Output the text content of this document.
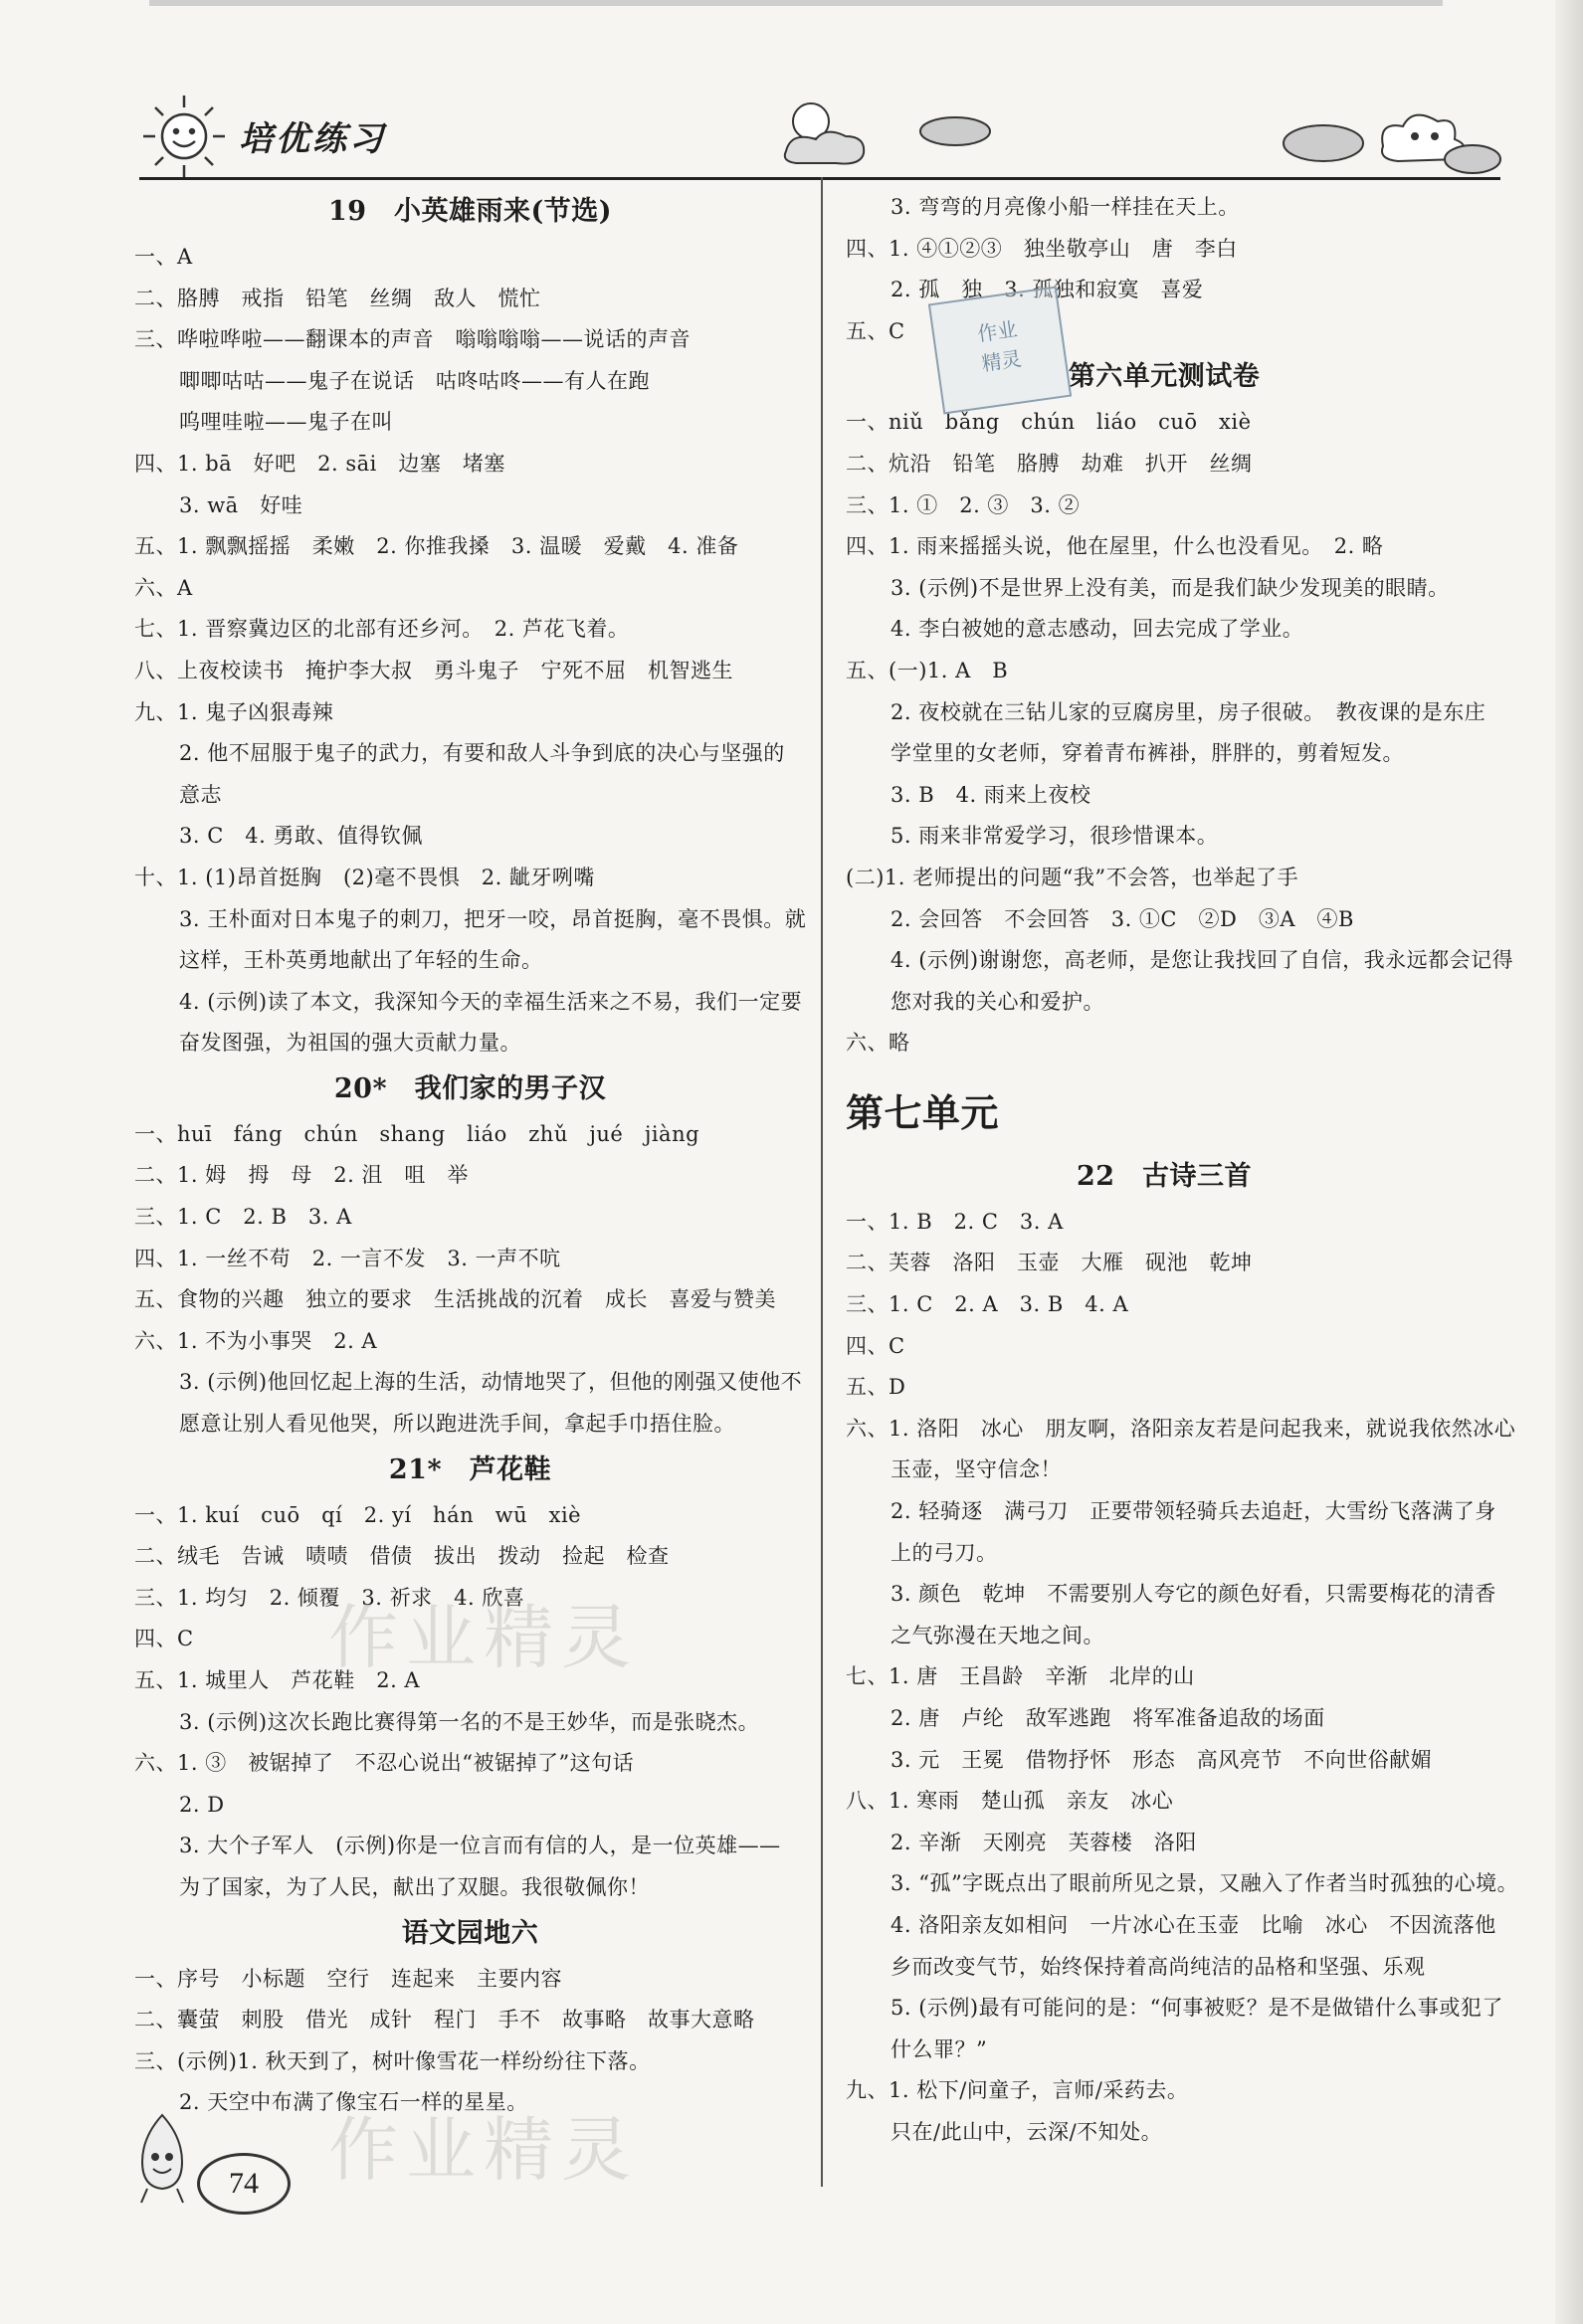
培优练习
19　小英雄雨来(节选)
一、A
二、胳膊　戒指　铅笔　丝绸　敌人　慌忙
三、哗啦哗啦——翻课本的声音　嗡嗡嗡嗡——说话的声音
唧唧咕咕——鬼子在说话　咕咚咕咚——有人在跑
呜哩哇啦——鬼子在叫
四、1. bā　好吧　2. sāi　边塞　堵塞
3. wā　好哇
五、1. 飘飘摇摇　柔嫩　2. 你推我搡　3. 温暖　爱戴　4. 准备
六、A
七、1. 晋察冀边区的北部有还乡河。　2. 芦花飞着。
八、上夜校读书　掩护李大叔　勇斗鬼子　宁死不屈　机智逃生
九、1. 鬼子凶狠毒辣
2. 他不屈服于鬼子的武力，有要和敌人斗争到底的决心与坚强的
意志
3. C　4. 勇敢、值得钦佩
十、1. (1)昂首挺胸　(2)毫不畏惧　2. 龇牙咧嘴
3. 王朴面对日本鬼子的刺刀，把牙一咬，昂首挺胸，毫不畏惧。就
这样，王朴英勇地献出了年轻的生命。
4. (示例)读了本文，我深知今天的幸福生活来之不易，我们一定要
奋发图强，为祖国的强大贡献力量。
20*　我们家的男子汉
一、huī　fáng　chún　shang　liáo　zhǔ　jué　jiàng
二、1. 姆　拇　母　2. 沮　咀　举
三、1. C　2. B　3. A
四、1. 一丝不苟　2. 一言不发　3. 一声不吭
五、食物的兴趣　独立的要求　生活挑战的沉着　成长　喜爱与赞美
六、1. 不为小事哭　2. A
3. (示例)他回忆起上海的生活，动情地哭了，但他的刚强又使他不
愿意让别人看见他哭，所以跑进洗手间，拿起手巾捂住脸。
21*　芦花鞋
一、1. kuí　cuō　qí　2. yí　hán　wū　xiè
二、绒毛　告诫　啧啧　借债　拔出　拨动　捡起　检查
三、1. 均匀　2. 倾覆　3. 祈求　4. 欣喜
四、C
五、1. 城里人　芦花鞋　2. A
3. (示例)这次长跑比赛得第一名的不是王妙华，而是张晓杰。
六、1. ③　被锯掉了　不忍心说出“被锯掉了”这句话
2. D
3. 大个子军人　(示例)你是一位言而有信的人，是一位英雄——
为了国家，为了人民，献出了双腿。我很敬佩你！
语文园地六
一、序号　小标题　空行　连起来　主要内容
二、囊萤　刺股　借光　成针　程门　手不　故事略　故事大意略
三、(示例)1. 秋天到了，树叶像雪花一样纷纷往下落。
2. 天空中布满了像宝石一样的星星。
3. 弯弯的月亮像小船一样挂在天上。
四、1. ④①②③　独坐敬亭山　唐　李白
2. 孤　独　3. 孤独和寂寞　喜爱
五、C
第六单元测试卷
一、niǔ　bǎng　chún　liáo　cuō　xiè
二、炕沿　铅笔　胳膊　劫难　扒开　丝绸
三、1. ①　2. ③　3. ②
四、1. 雨来摇摇头说，他在屋里，什么也没看见。　2. 略
3. (示例)不是世界上没有美，而是我们缺少发现美的眼睛。
4. 李白被她的意志感动，回去完成了学业。
五、(一)1. A　B
2. 夜校就在三钻儿家的豆腐房里，房子很破。　教夜课的是东庄
学堂里的女老师，穿着青布裤褂，胖胖的，剪着短发。
3. B　4. 雨来上夜校
5. 雨来非常爱学习，很珍惜课本。
(二)1. 老师提出的问题“我”不会答，也举起了手
2. 会回答　不会回答　3. ①C　②D　③A　④B
4. (示例)谢谢您，高老师，是您让我找回了自信，我永远都会记得
您对我的关心和爱护。
六、略
第七单元
22　古诗三首
一、1. B　2. C　3. A
二、芙蓉　洛阳　玉壶　大雁　砚池　乾坤
三、1. C　2. A　3. B　4. A
四、C
五、D
六、1. 洛阳　冰心　朋友啊，洛阳亲友若是问起我来，就说我依然冰心
玉壶，坚守信念！
2. 轻骑逐　满弓刀　正要带领轻骑兵去追赶，大雪纷飞落满了身
上的弓刀。
3. 颜色　乾坤　不需要别人夸它的颜色好看，只需要梅花的清香
之气弥漫在天地之间。
七、1. 唐　王昌龄　辛渐　北岸的山
2. 唐　卢纶　敌军逃跑　将军准备追敌的场面
3. 元　王冕　借物抒怀　形态　高风亮节　不向世俗献媚
八、1. 寒雨　楚山孤　亲友　冰心
2. 辛渐　天刚亮　芙蓉楼　洛阳
3. “孤”字既点出了眼前所见之景，又融入了作者当时孤独的心境。
4. 洛阳亲友如相问　一片冰心在玉壶　比喻　冰心　不因流落他
乡而改变气节，始终保持着高尚纯洁的品格和坚强、乐观
5. (示例)最有可能问的是：“何事被贬？是不是做错什么事或犯了
什么罪？”
九、1. 松下/问童子，言师/采药去。
只在/此山中，云深/不知处。
作业
精灵
作业精灵
作业精灵
74
